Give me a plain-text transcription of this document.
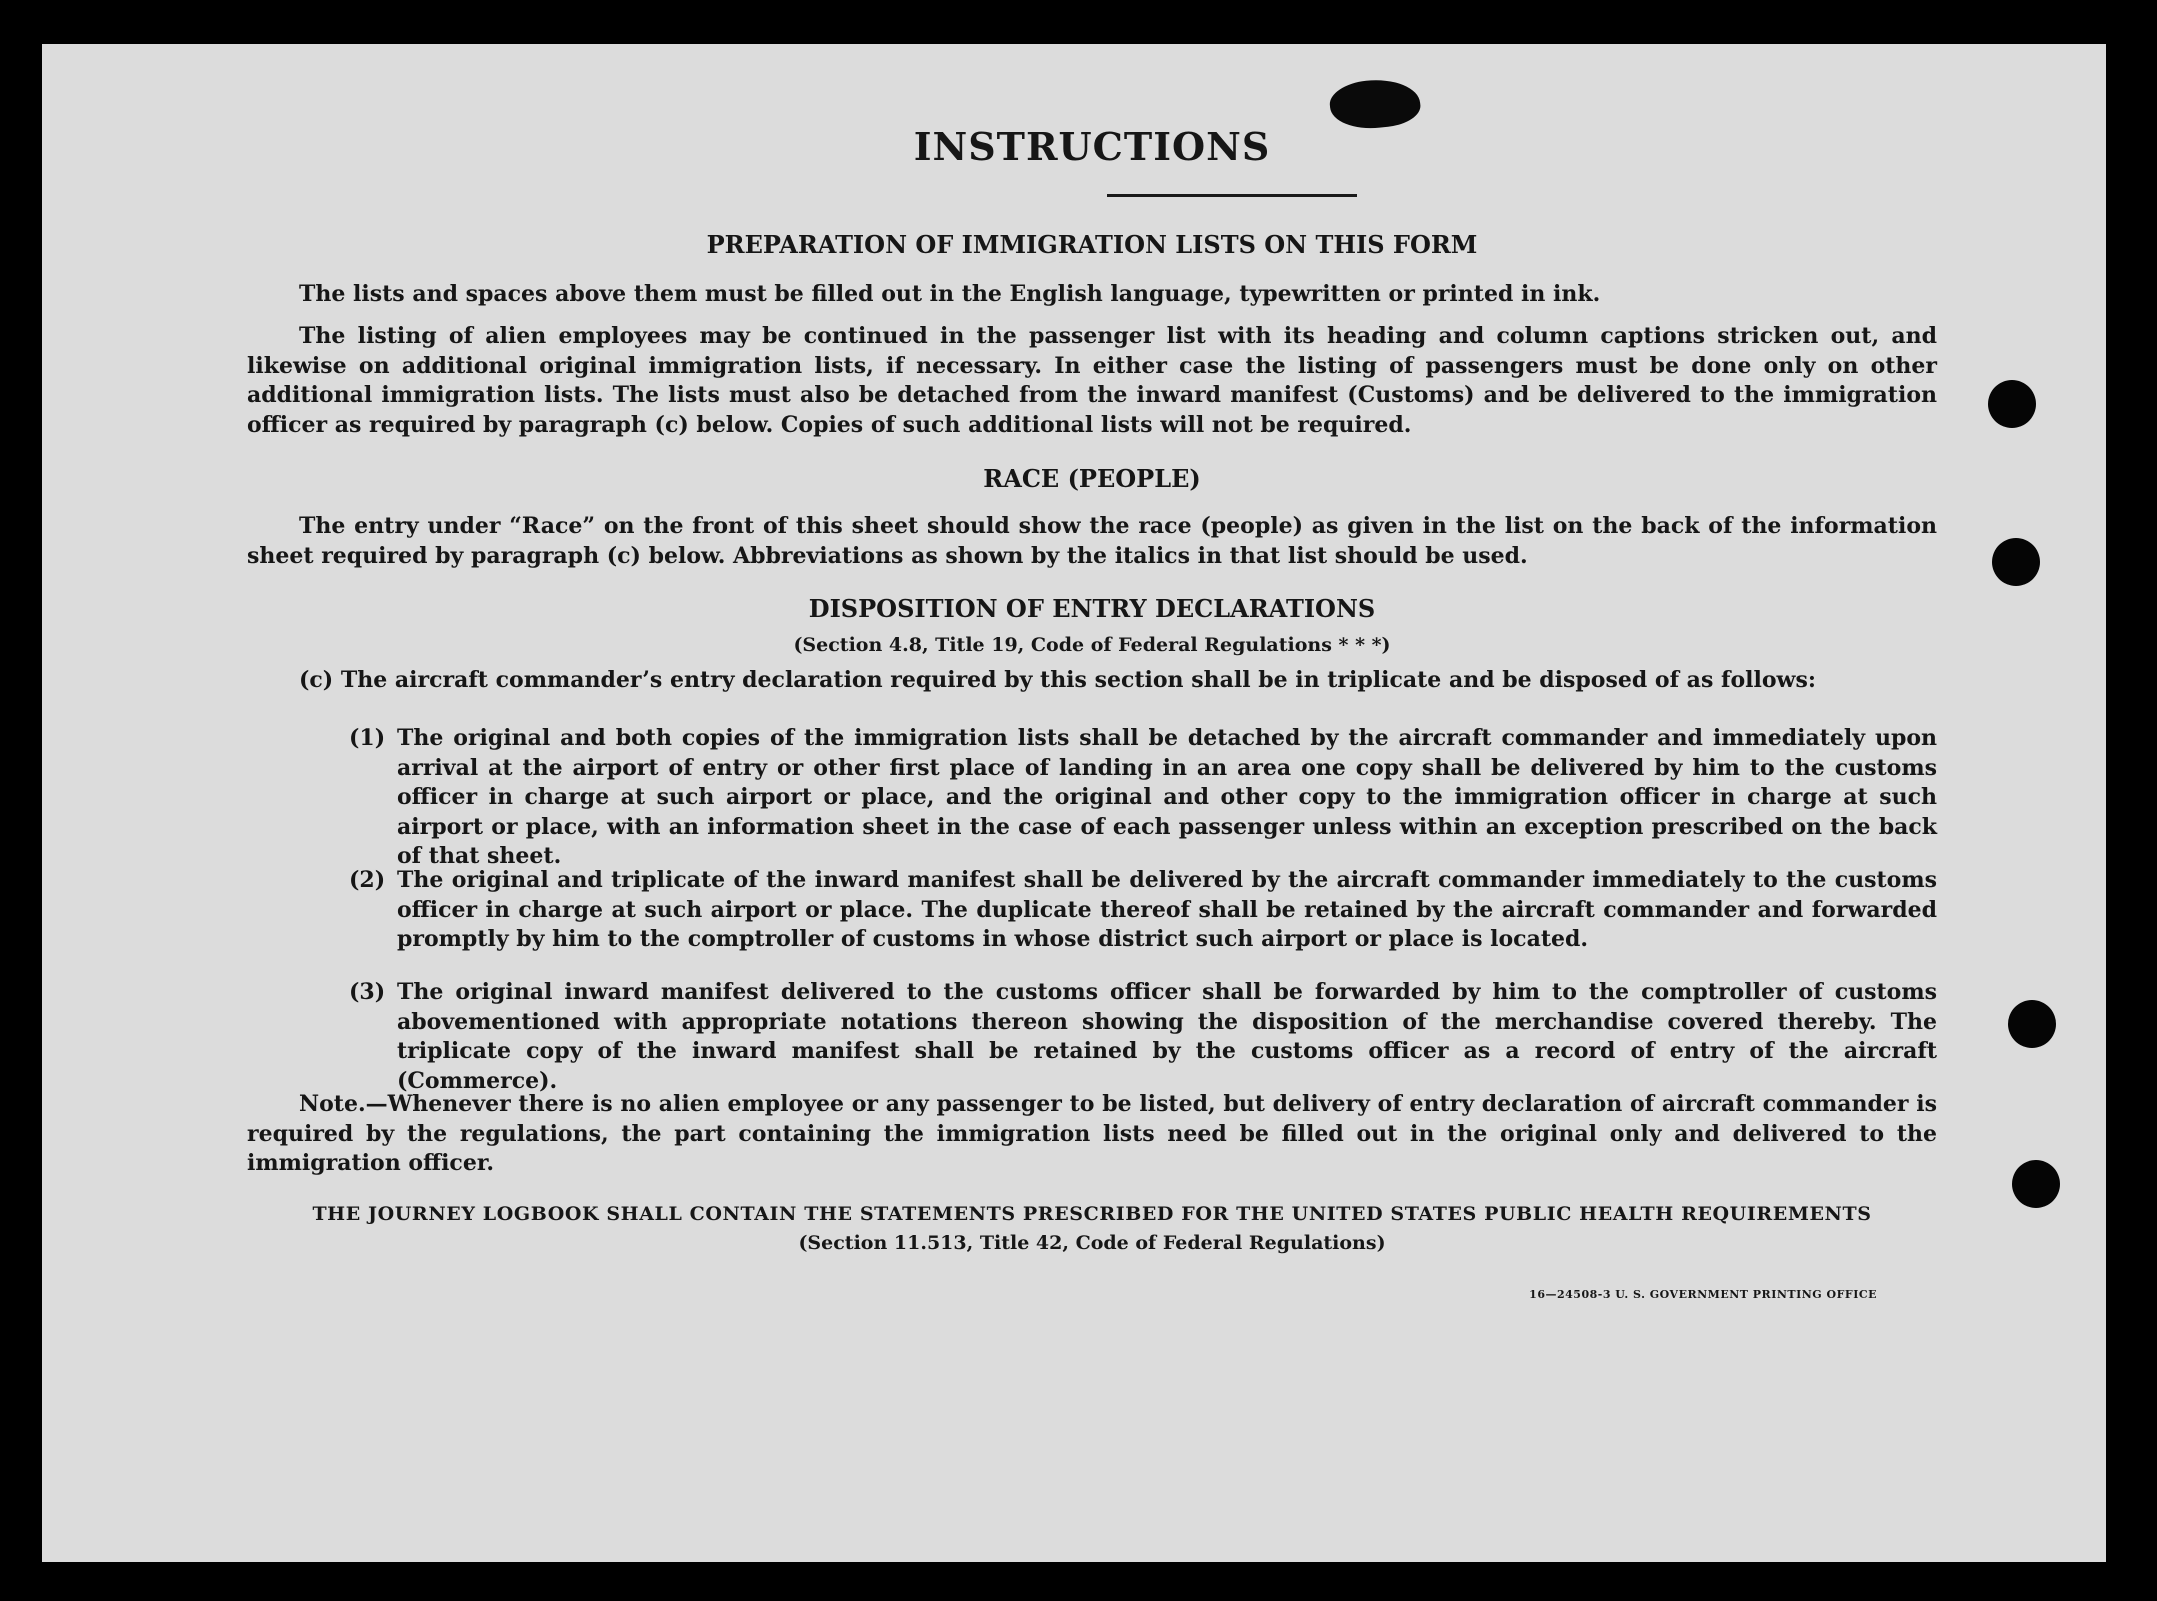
INSTRUCTIONS
PREPARATION OF IMMIGRATION LISTS ON THIS FORM
The lists and spaces above them must be filled out in the English language, typewritten or printed in ink.
The listing of alien employees may be continued in the passenger list with its heading and column captions stricken out, and likewise on additional original immigration lists, if necessary. In either case the listing of passengers must be done only on other additional immigration lists. The lists must also be detached from the inward manifest (Customs) and be delivered to the immigration officer as required by paragraph (c) below. Copies of such additional lists will not be required.
RACE (PEOPLE)
The entry under “Race” on the front of this sheet should show the race (people) as given in the list on the back of the information sheet required by paragraph (c) below. Abbreviations as shown by the italics in that list should be used.
DISPOSITION OF ENTRY DECLARATIONS
(Section 4.8, Title 19, Code of Federal Regulations * * *)
(c) The aircraft commander’s entry declaration required by this section shall be in triplicate and be disposed of as follows:
(1) The original and both copies of the immigration lists shall be detached by the aircraft commander and immediately upon arrival at the airport of entry or other first place of landing in an area one copy shall be delivered by him to the customs officer in charge at such airport or place, and the original and other copy to the immigration officer in charge at such airport or place, with an information sheet in the case of each passenger unless within an exception prescribed on the back of that sheet.
(2) The original and triplicate of the inward manifest shall be delivered by the aircraft commander immediately to the customs officer in charge at such airport or place. The duplicate thereof shall be retained by the aircraft commander and forwarded promptly by him to the comptroller of customs in whose district such airport or place is located.
(3) The original inward manifest delivered to the customs officer shall be forwarded by him to the comptroller of customs abovementioned with appropriate notations thereon showing the disposition of the merchandise covered thereby. The triplicate copy of the inward manifest shall be retained by the customs officer as a record of entry of the aircraft (Commerce).
Note.—Whenever there is no alien employee or any passenger to be listed, but delivery of entry declaration of aircraft commander is required by the regulations, the part containing the immigration lists need be filled out in the original only and delivered to the immigration officer.
THE JOURNEY LOGBOOK SHALL CONTAIN THE STATEMENTS PRESCRIBED FOR THE UNITED STATES PUBLIC HEALTH REQUIREMENTS
(Section 11.513, Title 42, Code of Federal Regulations)
16—24508-3 U. S. GOVERNMENT PRINTING OFFICE
